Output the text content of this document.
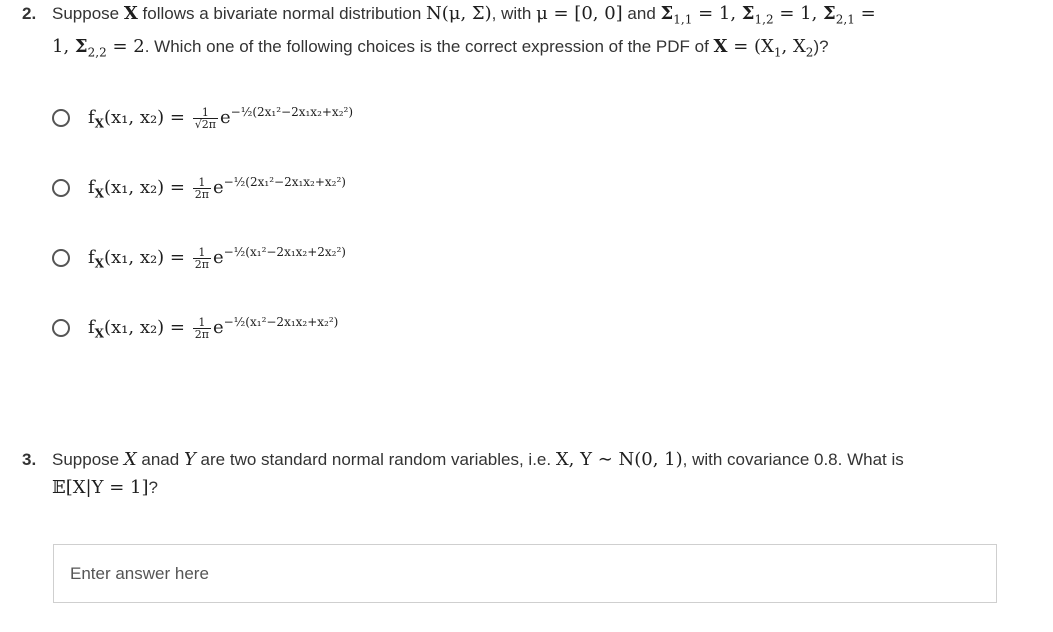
2. Suppose X follows a bivariate normal distribution N(μ, Σ), with μ = [0, 0] and $\Sigma_{1,1} = 1$, $\Sigma_{1,2} = 1$, $\Sigma_{2,1}$ =
1, $\Sigma_{2,2} = 2$. Which one of the following choices is the correct expression of the PDF of $X = (X_1$, $X_2$)?
$f_X(x_1$, $x_2) = \frac{1}{√2\pi} e^{-\frac{1}{2}(2x_1^2-2x_1x_2+x_2^2)}$
$f_X(x_1$, $x_2) = \frac{1}{2\pi} e^{-\frac{1}{2}(2x_1^2-2x_1x_2+x_2^2)}$
$f_X(x_1$, $x_2) = \frac{1}{2\pi} e^{-\frac{1}{2}(x_1^2-2x_1x_2+2x_2^2)}$
$f_X(x_1$, $x_2) = \frac{1}{2\pi} e^{-\frac{1}{2}(x_1^2-2x_1x_2+x_2^2)}$
3. Suppose X anad Y are two standard normal random variables, i.e. X, Y ∼ N(0, 1), with covariance 0.8. What is
𝔼[X|Y = 1]?
Enter answer here
